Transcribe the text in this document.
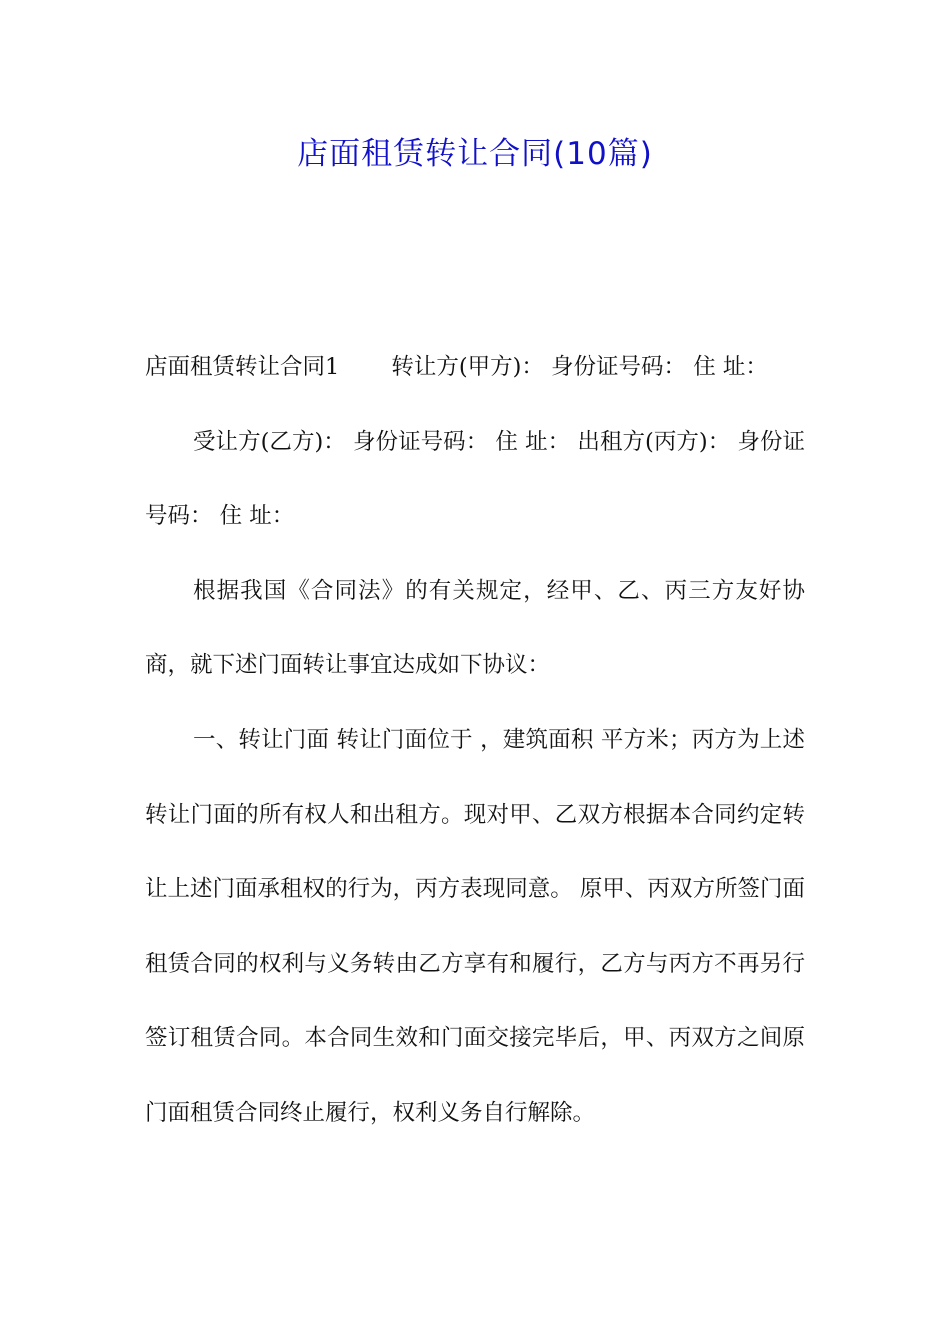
店面租赁转让合同(10篇)

店面租赁转让合同1 转让方(甲方)： 身份证号码： 住 址：

受让方(乙方)： 身份证号码： 住 址： 出租方(丙方)： 身份证号码： 住 址：

根据我国《合同法》的有关规定，经甲、乙、丙三方友好协商，就下述门面转让事宜达成如下协议：

一、转让门面 转让门面位于 ，建筑面积 平方米；丙方为上述转让门面的所有权人和出租方。现对甲、乙双方根据本合同约定转让上述门面承租权的行为，丙方表现同意。 原甲、丙双方所签门面租赁合同的权利与义务转由乙方享有和履行，乙方与丙方不再另行签订租赁合同。本合同生效和门面交接完毕后，甲、丙双方之间原门面租赁合同终止履行，权利义务自行解除。
